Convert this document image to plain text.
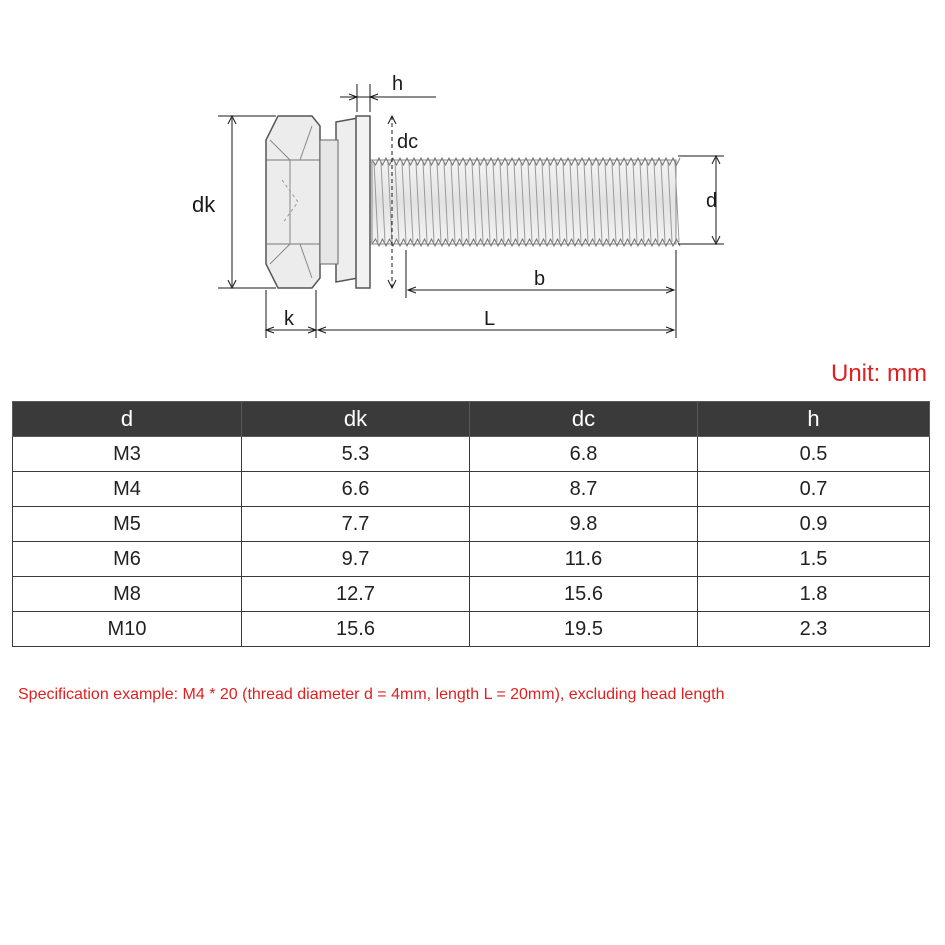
h
dc
dk	d
b
k	L
Unit: mm
d	dk	dc	h
M3	5.3	6.8	0.5
M4	6.6	8.7	0.7
M5	7.7	9.8	0.9
M6	9.7	11.6	1.5
M8	12.7	15.6	1.8
M10	15.6	19.5	2.3
Specification example: M4 * 20 (thread diameter d = 4mm, length L = 20mm), excluding head length
